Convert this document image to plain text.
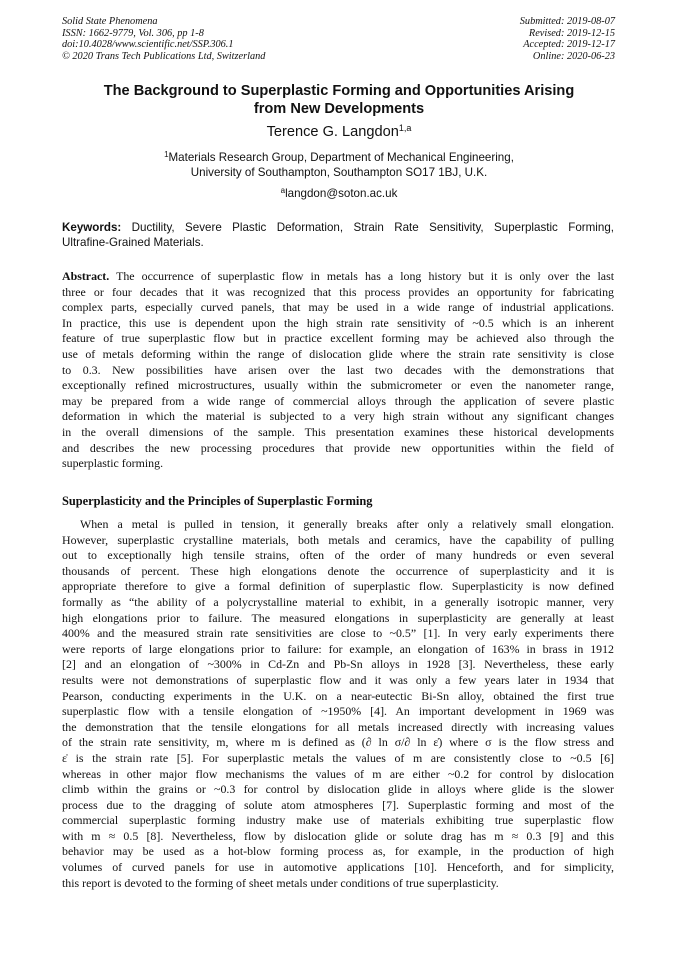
Solid State Phenomena
ISSN: 1662-9779, Vol. 306, pp 1-8
doi:10.4028/www.scientific.net/SSP.306.1
© 2020 Trans Tech Publications Ltd, Switzerland
Submitted: 2019-08-07
Revised: 2019-12-15
Accepted: 2019-12-17
Online: 2020-06-23
The Background to Superplastic Forming and Opportunities Arising
from New Developments
Terence G. Langdon$^{1,a}$
$^1$Materials Research Group, Department of Mechanical Engineering,
University of Southampton, Southampton SO17 1BJ, U.K.
$^a$langdon@soton.ac.uk
Keywords: Ductility, Severe Plastic Deformation, Strain Rate Sensitivity, Superplastic Forming,
Ultrafine-Grained Materials.
Abstract. The occurrence of superplastic flow in metals has a long history but it is only over the last
three or four decades that it was recognized that this process provides an opportunity for fabricating
complex parts, especially curved panels, that may be used in a wide range of industrial applications.
In practice, this use is dependent upon the high strain rate sensitivity of ~0.5 which is an inherent
feature of true superplastic flow but in practice excellent forming may be achieved also through the
use of metals deforming within the range of dislocation glide where the strain rate sensitivity is close
to 0.3. New possibilities have arisen over the last two decades with the demonstrations that
exceptionally refined microstructures, usually within the submicrometer or even the nanometer range,
may be prepared from a wide range of commercial alloys through the application of severe plastic
deformation in which the material is subjected to a very high strain without any significant changes
in the overall dimensions of the sample. This presentation examines these historical developments
and describes the new processing procedures that provide new opportunities within the field of
superplastic forming.
Superplasticity and the Principles of Superplastic Forming
When a metal is pulled in tension, it generally breaks after only a relatively small elongation.
However, superplastic crystalline materials, both metals and ceramics, have the capability of pulling
out to exceptionally high tensile strains, often of the order of many hundreds or even several
thousands of percent. These high elongations denote the occurrence of superplasticity and it is
appropriate therefore to give a formal definition of superplastic flow. Superplasticity is now defined
formally as “the ability of a polycrystalline material to exhibit, in a generally isotropic manner, very
high elongations prior to failure. The measured elongations in superplasticity are generally at least
400% and the measured strain rate sensitivities are close to ~0.5” [1]. In very early experiments there
were reports of large elongations prior to failure: for example, an elongation of 163% in brass in 1912
[2] and an elongation of ~300% in Cd-Zn and Pb-Sn alloys in 1928 [3]. Nevertheless, these early
results were not demonstrations of superplastic flow and it was only a few years later in 1934 that
Pearson, conducting experiments in the U.K. on a near-eutectic Bi-Sn alloy, obtained the first true
superplastic flow with a tensile elongation of ~1950% [4]. An important development in 1969 was
the demonstration that the tensile elongations for all metals increased directly with increasing values
of the strain rate sensitivity, m, where m is defined as (∂ ln σ/∂ ln ε̇) where σ is the flow stress and
ε̇ is the strain rate [5]. For superplastic metals the values of m are consistently close to ~0.5 [6]
whereas in other major flow mechanisms the values of m are either ~0.2 for control by dislocation
climb within the grains or ~0.3 for control by dislocation glide in alloys where glide is the slower
process due to the dragging of solute atom atmospheres [7]. Superplastic forming and most of the
commercial superplastic forming industry make use of materials exhibiting true superplastic flow
with m ≈ 0.5 [8]. Nevertheless, flow by dislocation glide or solute drag has m ≈ 0.3 [9] and this
behavior may be used as a hot-blow forming process as, for example, in the production of high
volumes of curved panels for use in automotive applications [10]. Henceforth, and for simplicity,
this report is devoted to the forming of sheet metals under conditions of true superplasticity.
